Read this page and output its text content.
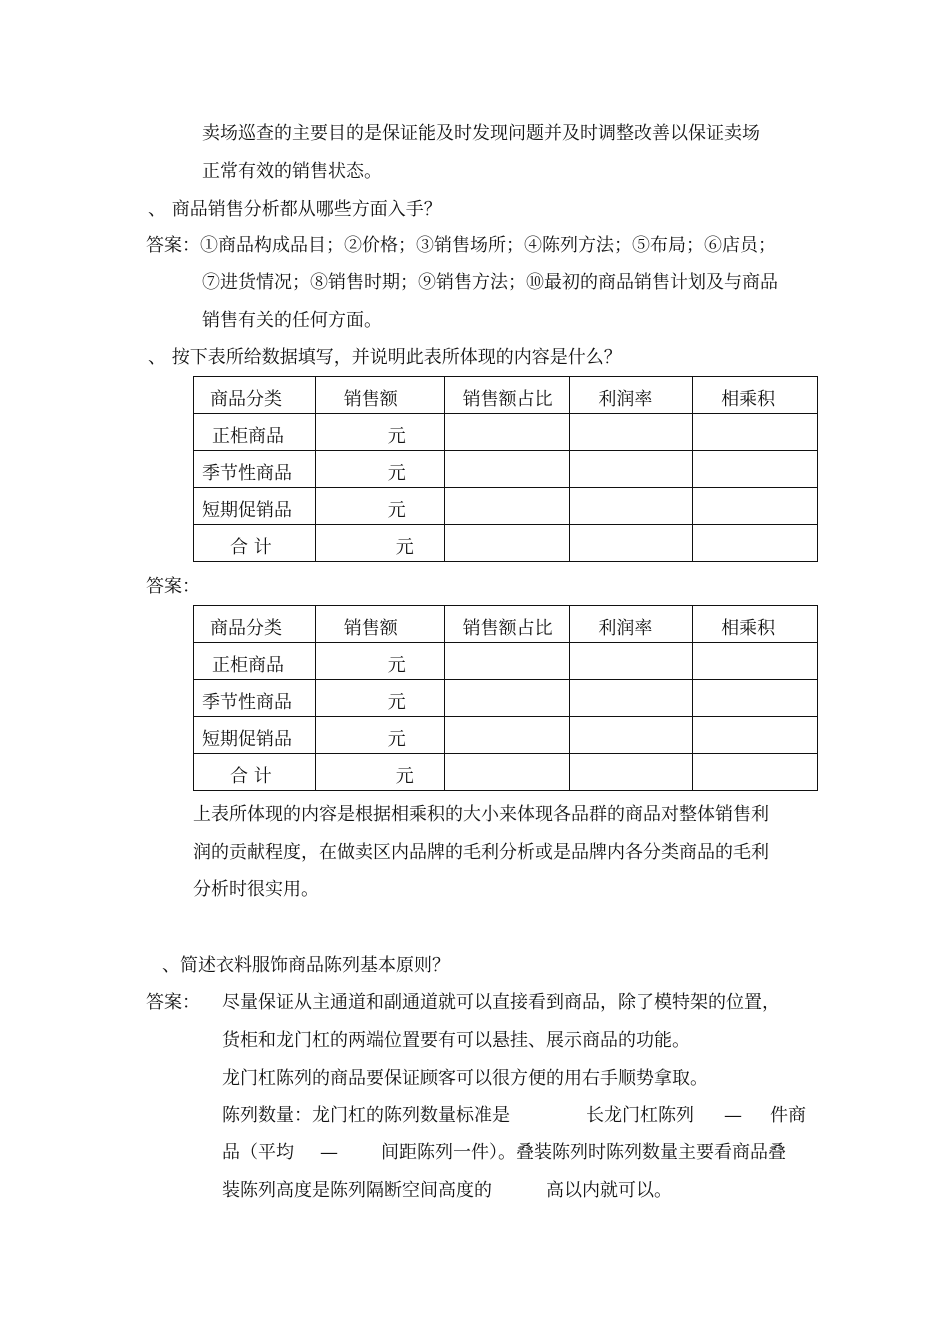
卖场巡查的主要目的是保证能及时发现问题并及时调整改善以保证卖场
正常有效的销售状态。
、 商品销售分析都从哪些方面入手？
答案：①商品构成品目；②价格；③销售场所；④陈列方法；⑤布局；⑥店员；
⑦进货情况；⑧销售时期；⑨销售方法；⑩最初的商品销售计划及与商品
销售有关的任何方面。
、 按下表所给数据填写，并说明此表所体现的内容是什么？
商品分类	销售额	销售额占比	利润率	相乘积

正柜商品	元			

季节性商品	元			

短期促销品	元			

合 计	元			

答案：
商品分类	销售额	销售额占比	利润率	相乘积

正柜商品	元			

季节性商品	元			

短期促销品	元			

合 计	元			

上表所体现的内容是根据相乘积的大小来体现各品群的商品对整体销售利
润的贡献程度，在做卖区内品牌的毛利分析或是品牌内各分类商品的毛利
分析时很实用。
、简述衣料服饰商品陈列基本原则？
答案： 尽量保证从主通道和副通道就可以直接看到商品，除了模特架的位置，
货柜和龙门杠的两端位置要有可以悬挂、展示商品的功能。
龙门杠陈列的商品要保证顾客可以很方便的用右手顺势拿取。
陈列数量：龙门杠的陈列数量标准是	长龙门杠陈列 — 件商
品（平均 — 间距陈列一件）。叠装陈列时陈列数量主要看商品叠
装陈列高度是陈列隔断空间高度的	高以内就可以。
